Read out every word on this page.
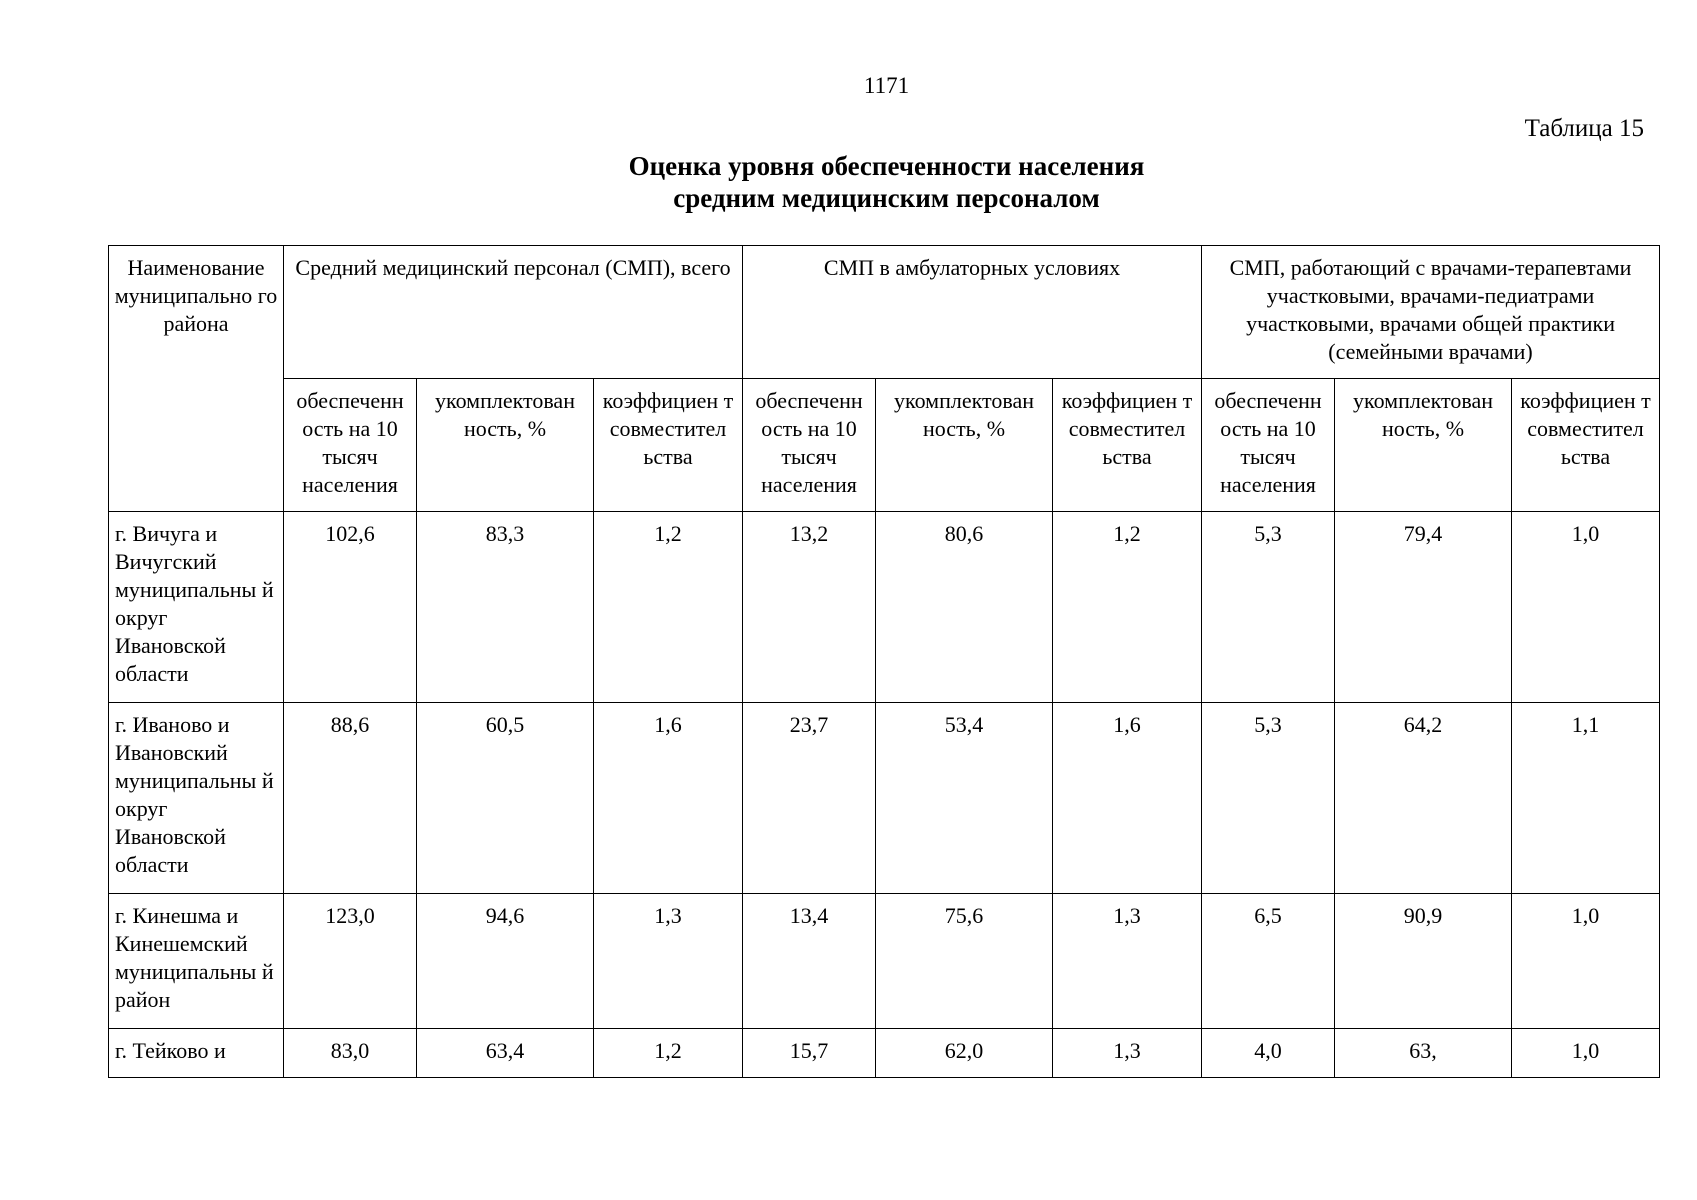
1171
Таблица 15
Оценка уровня обеспеченности населения
средним медицинским персоналом
Наименование муниципально го района	Средний медицинский персонал (СМП), всего			СМП в амбулаторных условиях			СМП, работающий с врачами-терапевтами участковыми, врачами-педиатрами участковыми, врачами общей практики (семейными врачами)		
	обеспеченн ость на 10 тысяч населения	укомплектован ность, %	коэффициен т совместител ьства	обеспеченн ость на 10 тысяч населения	укомплектован ность, %	коэффициен т совместител ьства	обеспеченн ость на 10 тысяч населения	укомплектован ность, %	коэффициен т совместител ьства
г. Вичуга и Вичугский муниципальны й округ Ивановской области	102,6	83,3	1,2	13,2	80,6	1,2	5,3	79,4	1,0
г. Иваново и Ивановский муниципальны й округ Ивановской области	88,6	60,5	1,6	23,7	53,4	1,6	5,3	64,2	1,1
г. Кинешма и Кинешемский муниципальны й район	123,0	94,6	1,3	13,4	75,6	1,3	6,5	90,9	1,0
г. Тейково и	83,0	63,4	1,2	15,7	62,0	1,3	4,0	63,	1,0
